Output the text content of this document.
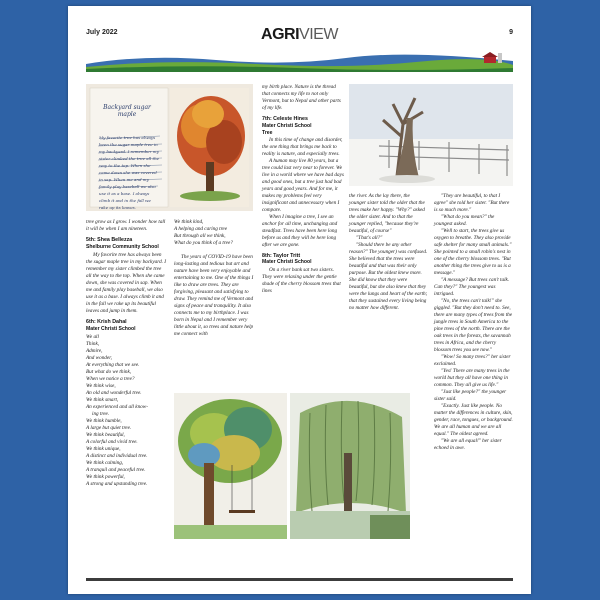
July 2022	AGRIVIEW	9
Backyard sugar maple
My favorite tree has always been the sugar maple tree in my backyard. I remember my sister climbed the tree all the way to the top. When she came down she was covered in sap. When me and my family play baseball we also use it as a base. I always climb it and in the fall we rake up its leaves.

tree grow as I grow. I wonder how tall it will be when I am nineteen.

5th: Shea Bellezza

Shelburne Community School

My favorite tree has always been the sugar maple tree in my backyard. I remember my sister climbed the tree all the way to the top. When she came down, she was covered in sap. When me and family play baseball, we also use it as a base. I always climb it and in the fall we rake up its beautiful leaves and jump in them.

6th: Krish Dahal

Mater Christi School

We all

Think,

Admire,

And wonder,

At everything that we see.

But what do we think,

When we notice a tree?

We think wise,

An old and wonderful tree.

We think smart,

An experienced and all know-

ing tree.

We think humble,

A large but quiet tree.

We think beautiful,

A colorful and vivid tree.

We think unique,

A distinct and individual tree.

We think calming,

A tranquil and peaceful tree.

We think powerful,

A strong and upstanding tree.

We think kind,

A helping and caring tree

But through all we think,

What do you think of a tree?

The years of COVID-19 have been long-lasting and tedious but art and nature have been very enjoyable and entertaining to me. One of the things I like to draw are trees. They are forgiving, pleasant and satisfying to draw. They remind me of Vermont and signs of peace and tranquility. It also connects me to my birthplace. I was born in Nepal and I remember very little about it, so trees and nature help me connect with

my birth place. Nature is the thread that connects my life to not only Vermont, but to Nepal and other parts of my life.

7th: Celeste Hines

Mater Christi School

Tree

In this time of change and disorder, the one thing that brings me back to reality is nature, and especially trees.

A human may live 80 years, but a tree could last very near to forever. We live in a world where we have bad days and good ones, but a tree just had bad years and good years. And for me, it makes my problems feel very insignificant and unnecessary when I compare.

When I imagine a tree, I see an anchor for all time, unchanging and steadfast. Trees have been here long before us and they will be here long after we are gone.

8th: Taylor Tritt

Mater Christi School

On a river bank sat two sisters. They were relaxing under the gentle shade of the cherry blossom trees that lines

the river. As the lay there, the younger sister told the older that the trees make her happy. "Why?" asked the older sister. And to that the younger replied, "because they're beautiful, of course"

"That's all?"

"Should there be any other reason?" The younger) was confused. She believed that the trees were beautiful and that was their only purpose. But the oldest knew more. She did know that they were beautiful, but she also knew that they were the lungs and heart of the earth; that they sustained every living being no matter how different.

"They are beautiful, to that I agree" she told her sister. "But there is so much more."

"What do you mean?" the youngest asked.

"Well to start, the trees give us oxygen to breathe. They also provide safe shelter for many small animals." She pointed to a small robin's nest in one of the cherry blossom trees. "But another thing the trees give to us is a message."

"A message? But trees can't talk. Can they?" The youngest was intrigued.

"No, the trees can't talk!" she giggled. "But they don't need to. See, there are many types of trees from the jungle trees in South America to the pine trees of the north. There are the oak trees in the forests, the savannah trees in Africa, and the cherry blossom trees you see now."

"Wow! So many trees?" her sister exclaimed.

"Yes! There are many trees in the world but they all have one thing in common. They all give us life."

"Just like people?" the younger sister said.

"Exactly. Just like people. No matter the differences in culture, skin, gender, race, tongues, or background. We are all human and we are all equal." The oldest agreed.

"We are all equal!" her sister echoed in awe.
